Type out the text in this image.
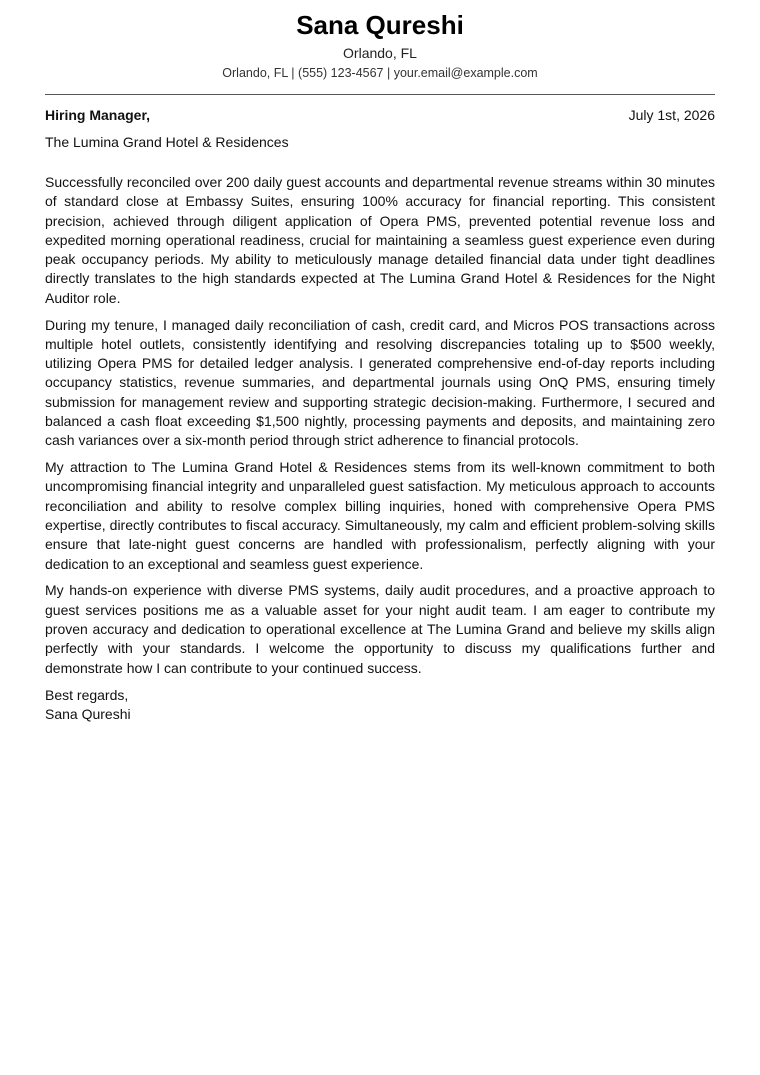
Sana Qureshi
Orlando, FL
Orlando, FL | (555) 123-4567 | your.email@example.com
Hiring Manager,	July 1st, 2026
The Lumina Grand Hotel & Residences

Successfully reconciled over 200 daily guest accounts and departmental revenue streams within 30 minutes of standard close at Embassy Suites, ensuring 100% accuracy for financial reporting. This consistent precision, achieved through diligent application of Opera PMS, prevented potential revenue loss and expedited morning operational readiness, crucial for maintaining a seamless guest experience even during peak occupancy periods. My ability to meticulously manage detailed financial data under tight deadlines directly translates to the high standards expected at The Lumina Grand Hotel & Residences for the Night Auditor role.

During my tenure, I managed daily reconciliation of cash, credit card, and Micros POS transactions across multiple hotel outlets, consistently identifying and resolving discrepancies totaling up to $500 weekly, utilizing Opera PMS for detailed ledger analysis. I generated comprehensive end-of-day reports including occupancy statistics, revenue summaries, and departmental journals using OnQ PMS, ensuring timely submission for management review and supporting strategic decision-making. Furthermore, I secured and balanced a cash float exceeding $1,500 nightly, processing payments and deposits, and maintaining zero cash variances over a six-month period through strict adherence to financial protocols.

My attraction to The Lumina Grand Hotel & Residences stems from its well-known commitment to both uncompromising financial integrity and unparalleled guest satisfaction. My meticulous approach to accounts reconciliation and ability to resolve complex billing inquiries, honed with comprehensive Opera PMS expertise, directly contributes to fiscal accuracy. Simultaneously, my calm and efficient problem-solving skills ensure that late-night guest concerns are handled with professionalism, perfectly aligning with your dedication to an exceptional and seamless guest experience.

My hands-on experience with diverse PMS systems, daily audit procedures, and a proactive approach to guest services positions me as a valuable asset for your night audit team. I am eager to contribute my proven accuracy and dedication to operational excellence at The Lumina Grand and believe my skills align perfectly with your standards. I welcome the opportunity to discuss my qualifications further and demonstrate how I can contribute to your continued success.

Best regards,
Sana Qureshi
